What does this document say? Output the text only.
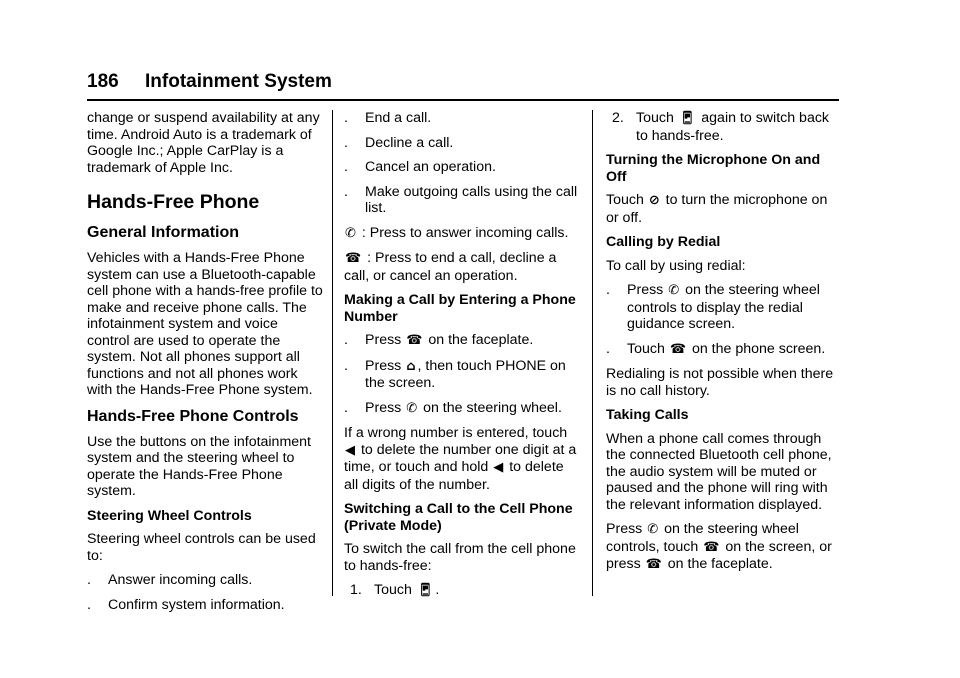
186 Infotainment System

change or suspend availability at any time. Android Auto is a trademark of Google Inc.; Apple CarPlay is a trademark of Apple Inc.

Hands-Free Phone
General Information

Vehicles with a Hands-Free Phone system can use a Bluetooth-capable cell phone with a hands-free profile to make and receive phone calls. The infotainment system and voice control are used to operate the system. Not all phones support all functions and not all phones work with the Hands-Free Phone system.

Hands-Free Phone Controls

Use the buttons on the infotainment system and the steering wheel to operate the Hands-Free Phone system.

Steering Wheel Controls

Steering wheel controls can be used to:

. Answer incoming calls.
. Confirm system information.
. End a call.
. Decline a call.
. Cancel an operation.
. Make outgoing calls using the call list.

✆ : Press to answer incoming calls.

☎ : Press to end a call, decline a call, or cancel an operation.

Making a Call by Entering a Phone Number
. Press ☎ on the faceplate.
. Press ⌂ , then touch PHONE on the screen.
. Press ✆ on the steering wheel.

If a wrong number is entered, touch ◀ to delete the number one digit at a time, or touch and hold ◀ to delete all digits of the number.

Switching a Call to the Cell Phone (Private Mode)

To switch the call from the cell phone to hands-free:

1. Touch 📱︎ .
2. Touch 📱︎ again to switch back to hands-free.
Turning the Microphone On and Off

Touch ⊘ to turn the microphone on or off.

Calling by Redial

To call by using redial:

. Press ✆ on the steering wheel controls to display the redial guidance screen.
. Touch ☎ on the phone screen.

Redialing is not possible when there is no call history.

Taking Calls

When a phone call comes through the connected Bluetooth cell phone, the audio system will be muted or paused and the phone will ring with the relevant information displayed.

Press ✆ on the steering wheel controls, touch ☎ on the screen, or press ☎ on the faceplate.
